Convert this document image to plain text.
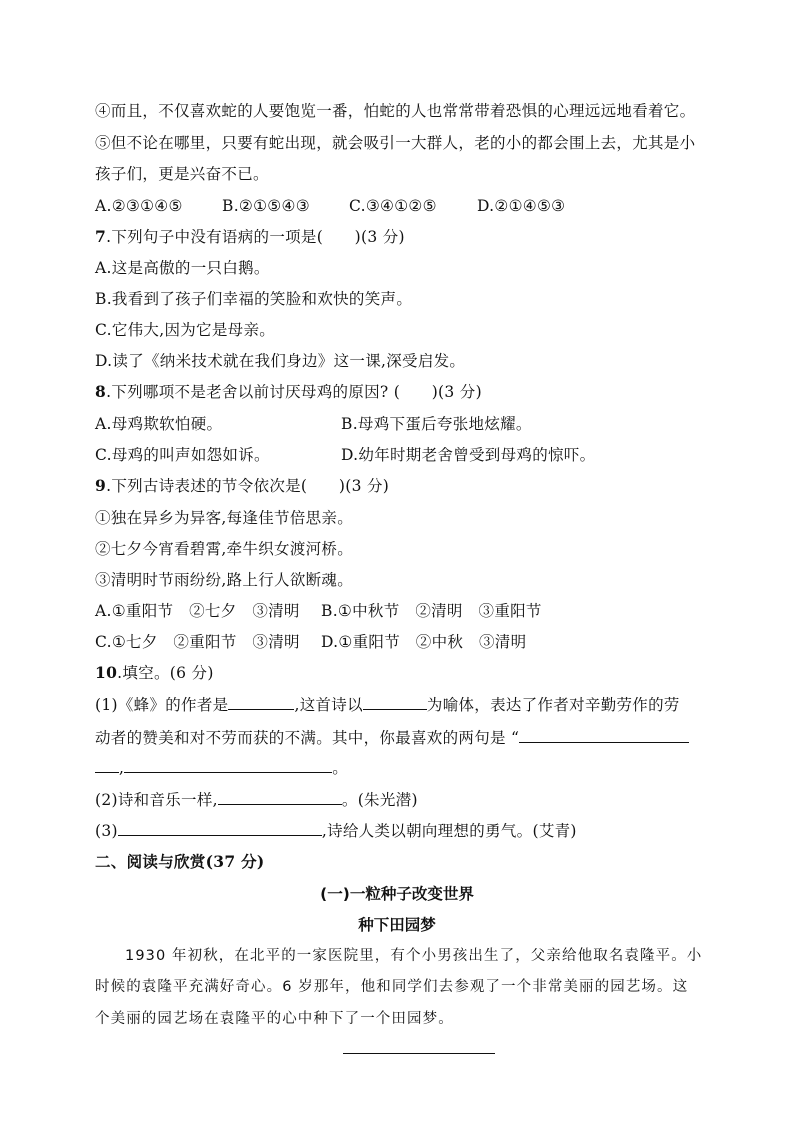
④而且，不仅喜欢蛇的人要饱览一番，怕蛇的人也常常带着恐惧的心理远远地看着它。
⑤但不论在哪里，只要有蛇出现，就会吸引一大群人，老的小的都会围上去，尤其是小
孩子们，更是兴奋不已。
A.②③①④⑤	B.②①⑤④③	C.③④①②⑤	D.②①④⑤③
7.下列句子中没有语病的一项是(　　)(3 分)
A.这是高傲的一只白鹅。
B.我看到了孩子们幸福的笑脸和欢快的笑声。
C.它伟大,因为它是母亲。
D.读了《纳米技术就在我们身边》这一课,深受启发。
8.下列哪项不是老舍以前讨厌母鸡的原因? (　　)(3 分)
A.母鸡欺软怕硬。	B.母鸡下蛋后夸张地炫耀。
C.母鸡的叫声如怨如诉。	D.幼年时期老舍曾受到母鸡的惊吓。
9.下列古诗表述的节令依次是(　　)(3 分)
①独在异乡为异客,每逢佳节倍思亲。
②七夕今宵看碧霄,牵牛织女渡河桥。
③清明时节雨纷纷,路上行人欲断魂。
A.①重阳节　②七夕　③清明 B.①中秋节　②清明　③重阳节
C.①七夕　②重阳节　③清明 D.①重阳节　②中秋　③清明
10.填空。(6 分)
(1)《蜂》的作者是	,这首诗以	为喻体，表达了作者对辛勤劳作的劳
动者的赞美和对不劳而获的不满。其中，你最喜欢的两句是 “
,	。
(2)诗和音乐一样,	。(朱光潜)
(3)	,诗给人类以朝向理想的勇气。(艾青)
二、阅读与欣赏(37 分)
(一)一粒种子改变世界
种下田园梦
1930 年初秋，在北平的一家医院里，有个小男孩出生了，父亲给他取名袁隆平。小
时候的袁隆平充满好奇心。6 岁那年，他和同学们去参观了一个非常美丽的园艺场。这
个美丽的园艺场在袁隆平的心中种下了一个田园梦。
